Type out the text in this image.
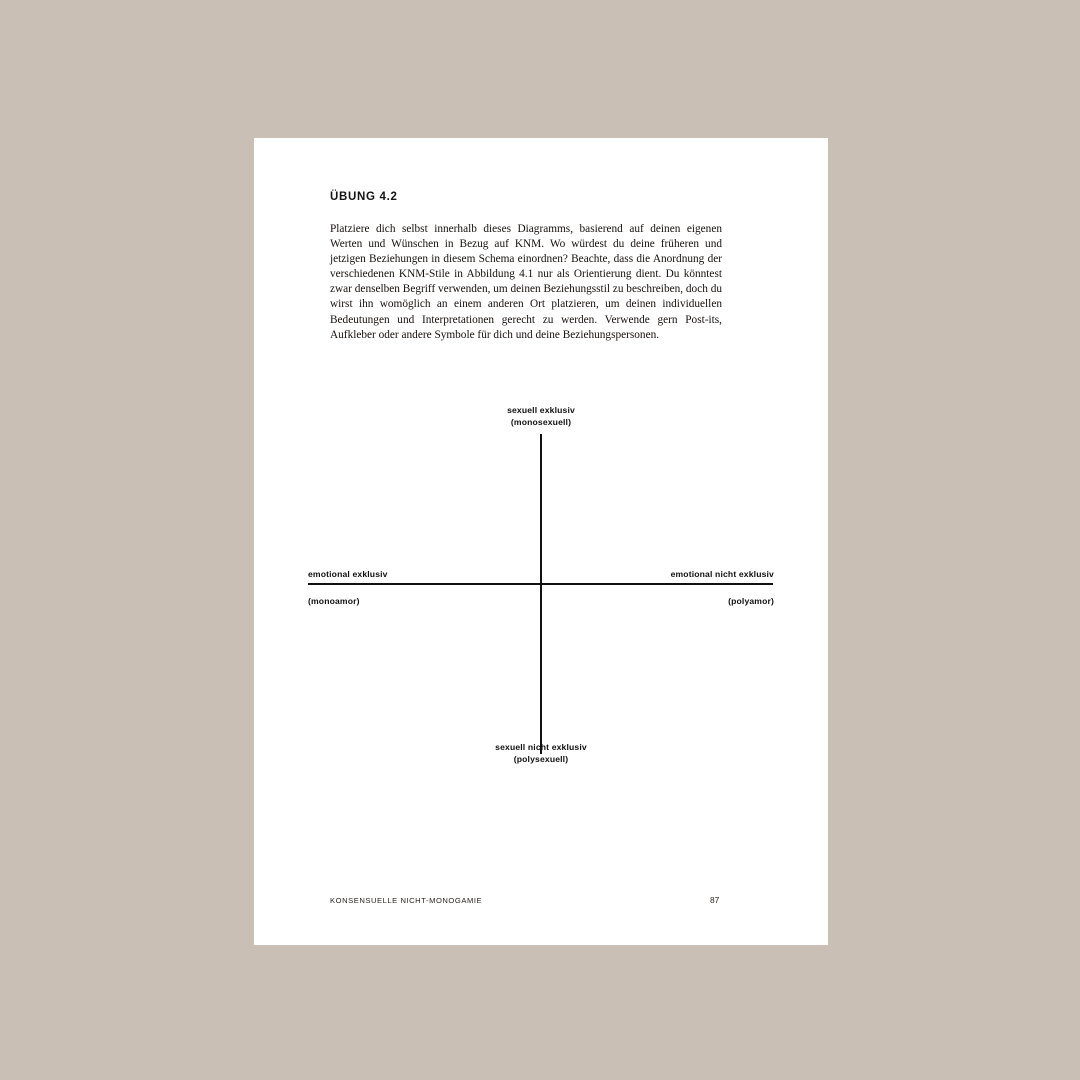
ÜBUNG 4.2
Platziere dich selbst innerhalb dieses Diagramms, basierend auf deinen eigenen Werten und Wünschen in Bezug auf KNM. Wo würdest du deine früheren und jetzigen Beziehungen in diesem Schema einordnen? Beachte, dass die Anordnung der verschiedenen KNM-Stile in Abbildung 4.1 nur als Orientierung dient. Du könntest zwar denselben Begriff verwenden, um deinen Beziehungsstil zu beschreiben, doch du wirst ihn womöglich an einem anderen Ort platzieren, um deinen individuellen Bedeutungen und Interpretationen gerecht zu werden. Verwende gern Post-its, Aufkleber oder andere Symbole für dich und deine Beziehungspersonen.
sexuell exklusiv
(monosexuell)
sexuell nicht exklusiv
(polysexuell)
emotional exklusiv
(monoamor)
emotional nicht exklusiv
(polyamor)
KONSENSUELLE NICHT-MONOGAMIE	87
